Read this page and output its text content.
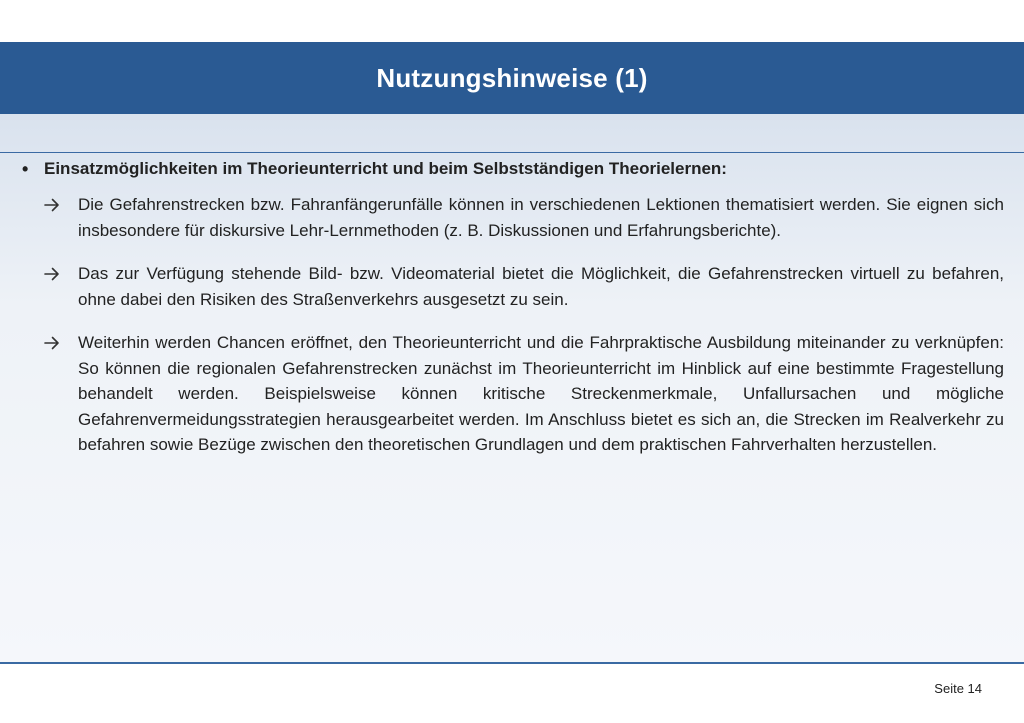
Nutzungshinweise (1)
• Einsatzmöglichkeiten im Theorieunterricht und beim Selbstständigen Theorielernen:
Die Gefahrenstrecken bzw. Fahranfängerunfälle können in verschiedenen Lektionen thematisiert werden. Sie eignen sich insbesondere für diskursive Lehr-Lernmethoden (z. B. Diskussionen und Erfahrungsberichte).
Das zur Verfügung stehende Bild- bzw. Videomaterial bietet die Möglichkeit, die Gefahrenstrecken virtuell zu befahren, ohne dabei den Risiken des Straßenverkehrs ausgesetzt zu sein.
Weiterhin werden Chancen eröffnet, den Theorieunterricht und die Fahrpraktische Ausbildung miteinander zu verknüpfen: So können die regionalen Gefahrenstrecken zunächst im Theorieunterricht im Hinblick auf eine bestimmte Fragestellung behandelt werden. Beispielsweise können kritische Streckenmerkmale, Unfallursachen und mögliche Gefahrenvermeidungsstrategien herausgearbeitet werden. Im Anschluss bietet es sich an, die Strecken im Realverkehr zu befahren sowie Bezüge zwischen den theoretischen Grundlagen und dem praktischen Fahrverhalten herzustellen.
Seite 14
